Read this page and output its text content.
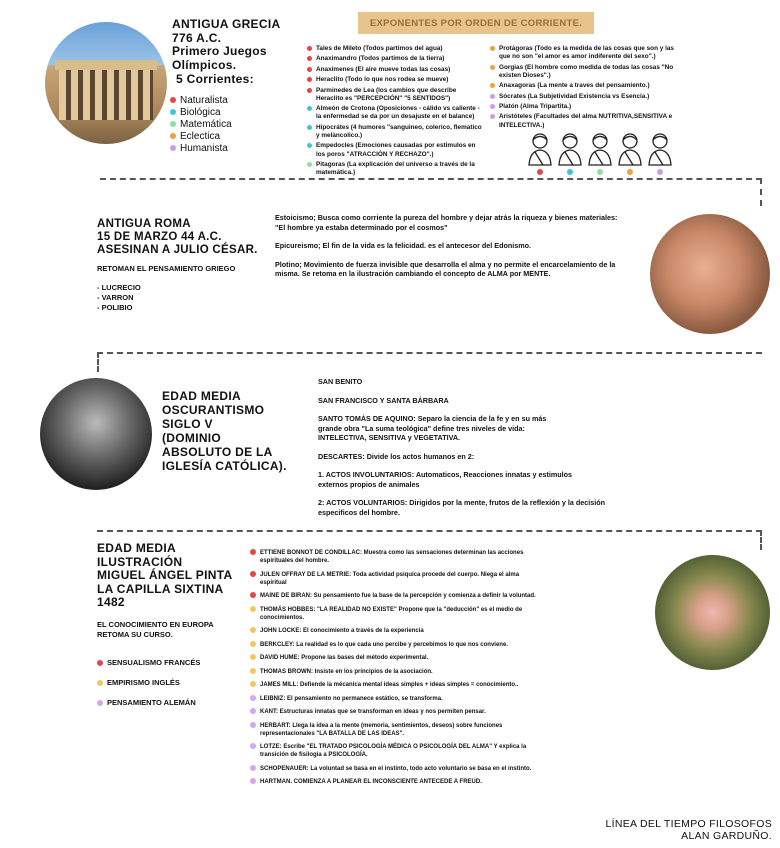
ANTIGUA GRECIA
776 A.C.
Primero Juegos
Olímpicos.
5 Corrientes:
Naturalista
Biológica
Matemática
Eclectica
Humanista
EXPONENTES POR ORDEN DE CORRIENTE.
Tales de Mileto (Todos partimos del agua)
Anaximandro (Todos partimos de la tierra)
Anaximenes (El aire mueve todas las cosas)
Heraclito (Todo lo que nos rodea se mueve)
Parminedes de Lea (los cambios que describe Heraclito es "PERCEPCIÓN" "5 SENTIDOS")
Almeón de Crotona (Oposiciones - cálido vs caliente - la enfermedad se da por un desajuste en el balance)
Hipocrátes (4 humores "sanguineo, colerico, flematico y melàncolico.)
Empedocles (Emociones causadas por estimulos en los poros "ATRACCIÓN Y RECHAZO".)
Pitagoras (La explicación del universo a través de la matemática.)
Protágoras (Todo es la medida de las cosas que son y las que no son "el amor es amor indiferente del sexo".)
Gorgias (El hombre como medida de todas las cosas "No existen Dioses".)
Anaxagoras (La mente a traves del pensamiento.)
Sócrates (La Subjetividad Existencia vs Esencia.)
Platón (Alma Tripartita.)
Aristóteles (Facultades del alma NUTRITIVA,SENSITIVA e INTELECTIVA.)
ANTIGUA ROMA
15 DE MARZO 44 A.C.
ASESINAN A JULIO CÉSAR.
RETOMAN EL PENSAMIENTO GRIEGO
- LUCRECIO
- VARRON
- POLIBIO

Estoicismo; Busca como corriente la pureza del hombre y dejar atrás la riqueza y bienes materiales: "El hombre ya estaba determinado por el cosmos"

Epicureismo; El fin de la vida es la felicidad. es el antecesor del Edonismo.

Plotino; Movimiento de fuerza invisible que desarrolla el alma y no permite el encarcelamiento de la misma. Se retoma en la ilustración cambiando el concepto de ALMA por MENTE.

EDAD MEDIA
OSCURANTISMO
SIGLO V
(DOMINIO
ABSOLUTO DE LA
IGLESÍA CATÓLICA).

SAN BENITO

SAN FRANCISCO Y SANTA BÁRBARA

SANTO TOMÁS DE AQUINO: Separo la ciencia de la fe y en su más grande obra "La suma teológica" define tres niveles de vida: INTELECTIVA, SENSITIVA y VEGETATIVA.

DESCARTES: Divide los actos humanos en 2:

1. ACTOS INVOLUNTARIOS: Automaticos, Reacciones innatas y estimulos externos propios de animales

2: ACTOS VOLUNTARIOS: Dirigidos por la mente, frutos de la reflexión y la decisión especificos del hombre.

EDAD MEDIA
ILUSTRACIÓN
MIGUEL ÁNGEL PINTA
LA CAPILLA SIXTINA
1482
EL CONOCIMIENTO EN EUROPA RETOMA SU CURSO.
SENSUALISMO FRANCÉS
EMPIRISMO INGLÉS
PENSAMIENTO ALEMÁN
ETTIENE BONNOT DE CONDILLAC: Muestra como las sensaciones determinan las acciones espirituales del hombre.
JULEN OFFRAY DE LA METRIE: Toda actividad psiquíca procede del cuerpo. Niega el alma espiritual
MAINE DE BIRAN: Su pensamiento fue la base de la percepción y comienza a definir la voluntad.
THOMÁS HOBBES: "LA REALIDAD NO EXISTE" Propone que la "deducción" es el medio de conocimientos.
JOHN LOCKE: El conocimiento a través de la experiencia
BERKCLEY: La realidad es lo que cada uno percibe y percebimos lo que nos conviene.
DAVID HUME: Propone las bases del método experimental.
THOMAS BROWN: Insiste en los principios de la asociación.
JAMES MILL: Defiende la mécanica mental ideas simples + ideas simples = conocimiento..
LEIBNIZ: El pensamiento no permanece estático, se transforma.
KANT: Estructuras innatas que se transforman en ideas y nos permiten pensar.
HERBART: Llega la idea a la mente (memoria, sentimientos, deseos) sobre funciones representacionales "LA BATALLA DE LAS IDEAS".
LOTZE: Escribe "EL TRATADO PSICOLOGÍA MÉDICA O PSICOLOGÍA DEL ALMA" Y explica la transición de fisilogía a PSICOLOGÍA.
SCHOPENAUER: La voluntad se basa en el instinto, todo acto voluntario se basa en el instinto.
HARTMAN. COMIENZA A PLANEAR EL INCONSCIENTE ANTECEDE A FREUD.
LÍNEA DEL TIEMPO FILOSOFOS
ALAN GARDUÑO.
